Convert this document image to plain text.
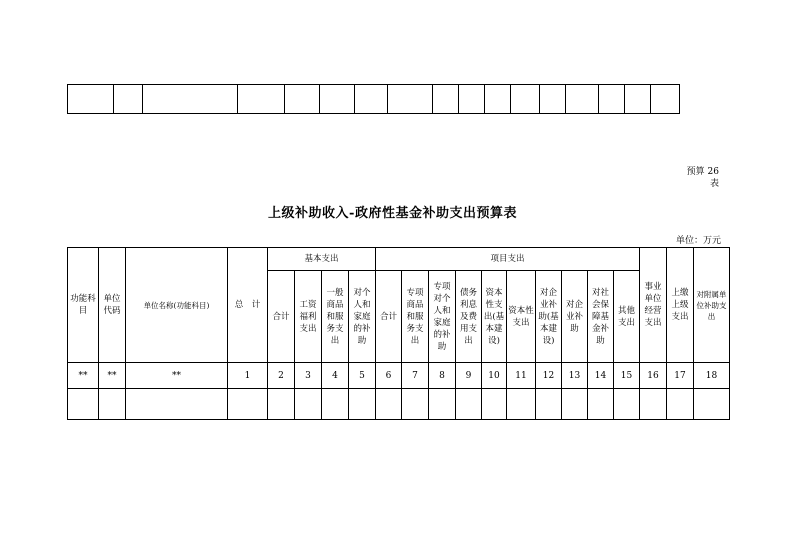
预算 26
表
上级补助收入-政府性基金补助支出预算表
单位：万元
功能科目	单位代码	单位名称(功能科目)	总　计	基本支出				项目支出										事业单位经营支出	上缴上级支出	对附属单位补助支出
				合计	工资福利支出	一般商品和服务支出	对个人和家庭的补助	合计	专项商品和服务支出	专项对个人和家庭的补助	债务利息及费用支出	资本性支出(基本建设)	资本性支出	对企业补助(基本建设)	对企业补助	对社会保障基金补助	其他支出			
**	**	**	1	2	3	4	5	6	7	8	9	10	11	12	13	14	15	16	17	18
